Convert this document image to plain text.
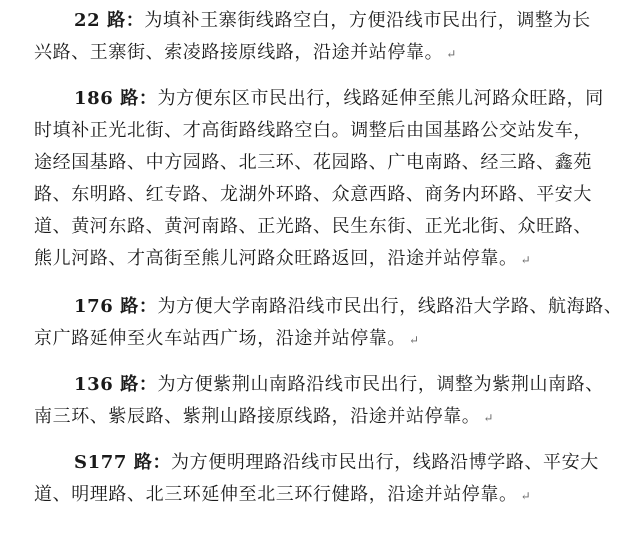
22 路：为填补王寨街线路空白，方便沿线市民出行，调整为长
兴路、王寨街、索凌路接原线路，沿途并站停靠。 ↵
186 路：为方便东区市民出行，线路延伸至熊儿河路众旺路，同
时填补正光北街、才高街路线路空白。调整后由国基路公交站发车，
途经国基路、中方园路、北三环、花园路、广电南路、经三路、鑫苑
路、东明路、红专路、龙湖外环路、众意西路、商务内环路、平安大
道、黄河东路、黄河南路、正光路、民生东街、正光北街、众旺路、
熊儿河路、才高街至熊儿河路众旺路返回，沿途并站停靠。 ↵
176 路：为方便大学南路沿线市民出行，线路沿大学路、航海路、
京广路延伸至火车站西广场，沿途并站停靠。 ↵
136 路：为方便紫荆山南路沿线市民出行，调整为紫荆山南路、
南三环、紫辰路、紫荆山路接原线路，沿途并站停靠。 ↵
S177 路：为方便明理路沿线市民出行，线路沿博学路、平安大
道、明理路、北三环延伸至北三环行健路，沿途并站停靠。 ↵
